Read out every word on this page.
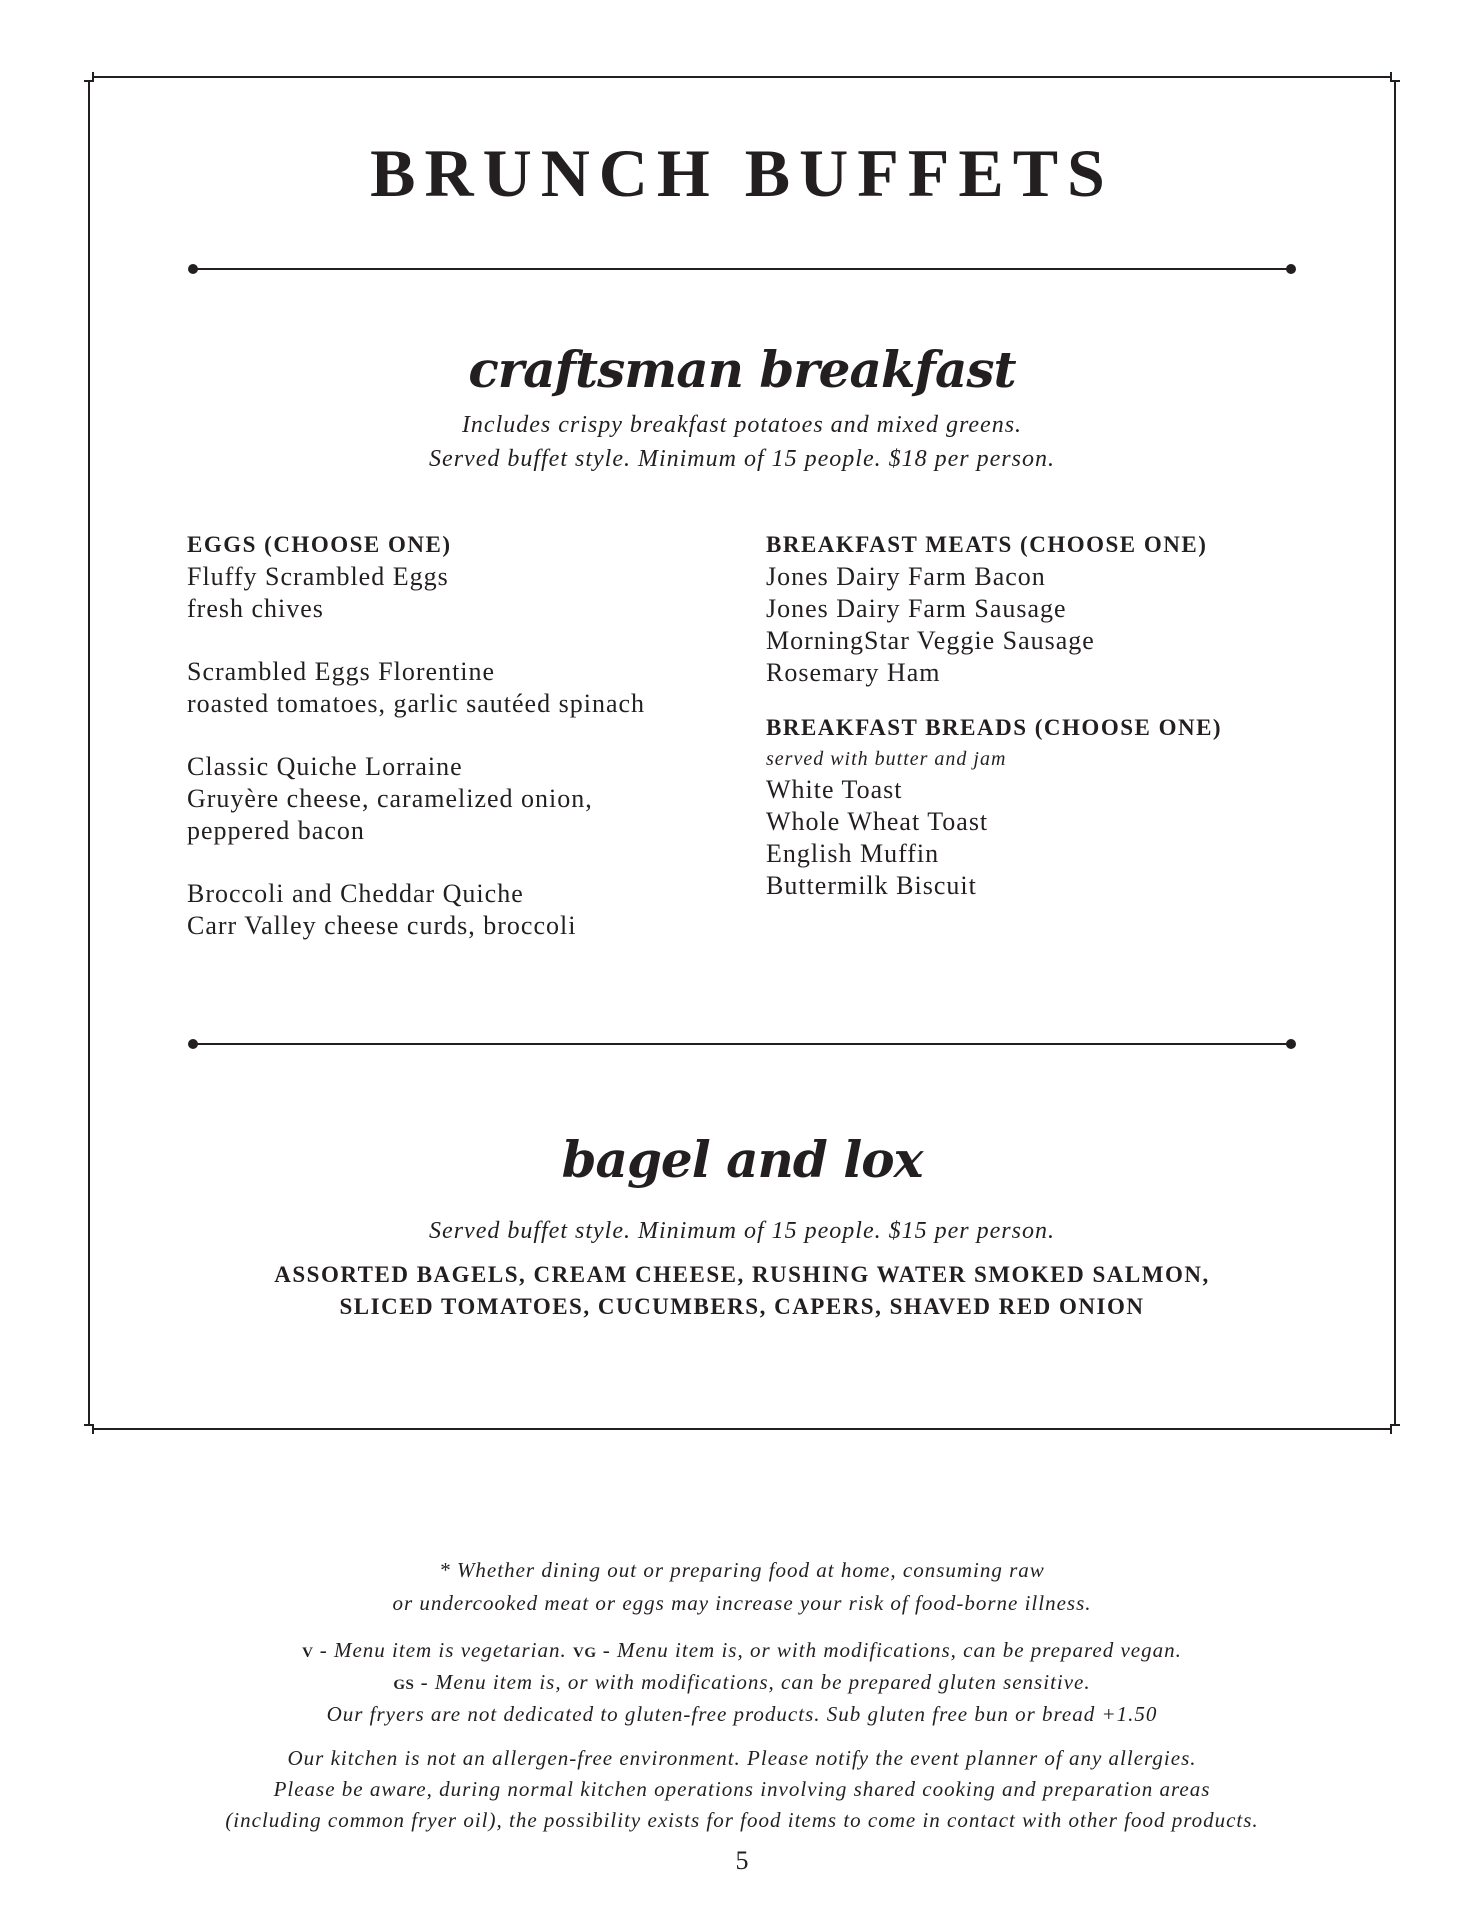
BRUNCH BUFFETS
craftsman breakfast

Includes crispy breakfast potatoes and mixed greens.

Served buffet style. Minimum of 15 people. $18 per person.

EGGS (CHOOSE ONE)
Fluffy Scrambled Eggs
fresh chives
Scrambled Eggs Florentine
roasted tomatoes, garlic sautéed spinach
Classic Quiche Lorraine
Gruyère cheese, caramelized onion,
peppered bacon
Broccoli and Cheddar Quiche
Carr Valley cheese curds, broccoli
BREAKFAST MEATS (CHOOSE ONE)
Jones Dairy Farm Bacon
Jones Dairy Farm Sausage
MorningStar Veggie Sausage
Rosemary Ham
BREAKFAST BREADS (CHOOSE ONE)
served with butter and jam
White Toast
Whole Wheat Toast
English Muffin
Buttermilk Biscuit
bagel and lox

Served buffet style. Minimum of 15 people. $15 per person.

ASSORTED BAGELS, CREAM CHEESE, RUSHING WATER SMOKED SALMON,

SLICED TOMATOES, CUCUMBERS, CAPERS, SHAVED RED ONION

* Whether dining out or preparing food at home, consuming raw

or undercooked meat or eggs may increase your risk of food-borne illness.

V - Menu item is vegetarian. VG - Menu item is, or with modifications, can be prepared vegan.

GS - Menu item is, or with modifications, can be prepared gluten sensitive.

Our fryers are not dedicated to gluten-free products. Sub gluten free bun or bread +1.50

Our kitchen is not an allergen-free environment. Please notify the event planner of any allergies.

Please be aware, during normal kitchen operations involving shared cooking and preparation areas

(including common fryer oil), the possibility exists for food items to come in contact with other food products.

5
